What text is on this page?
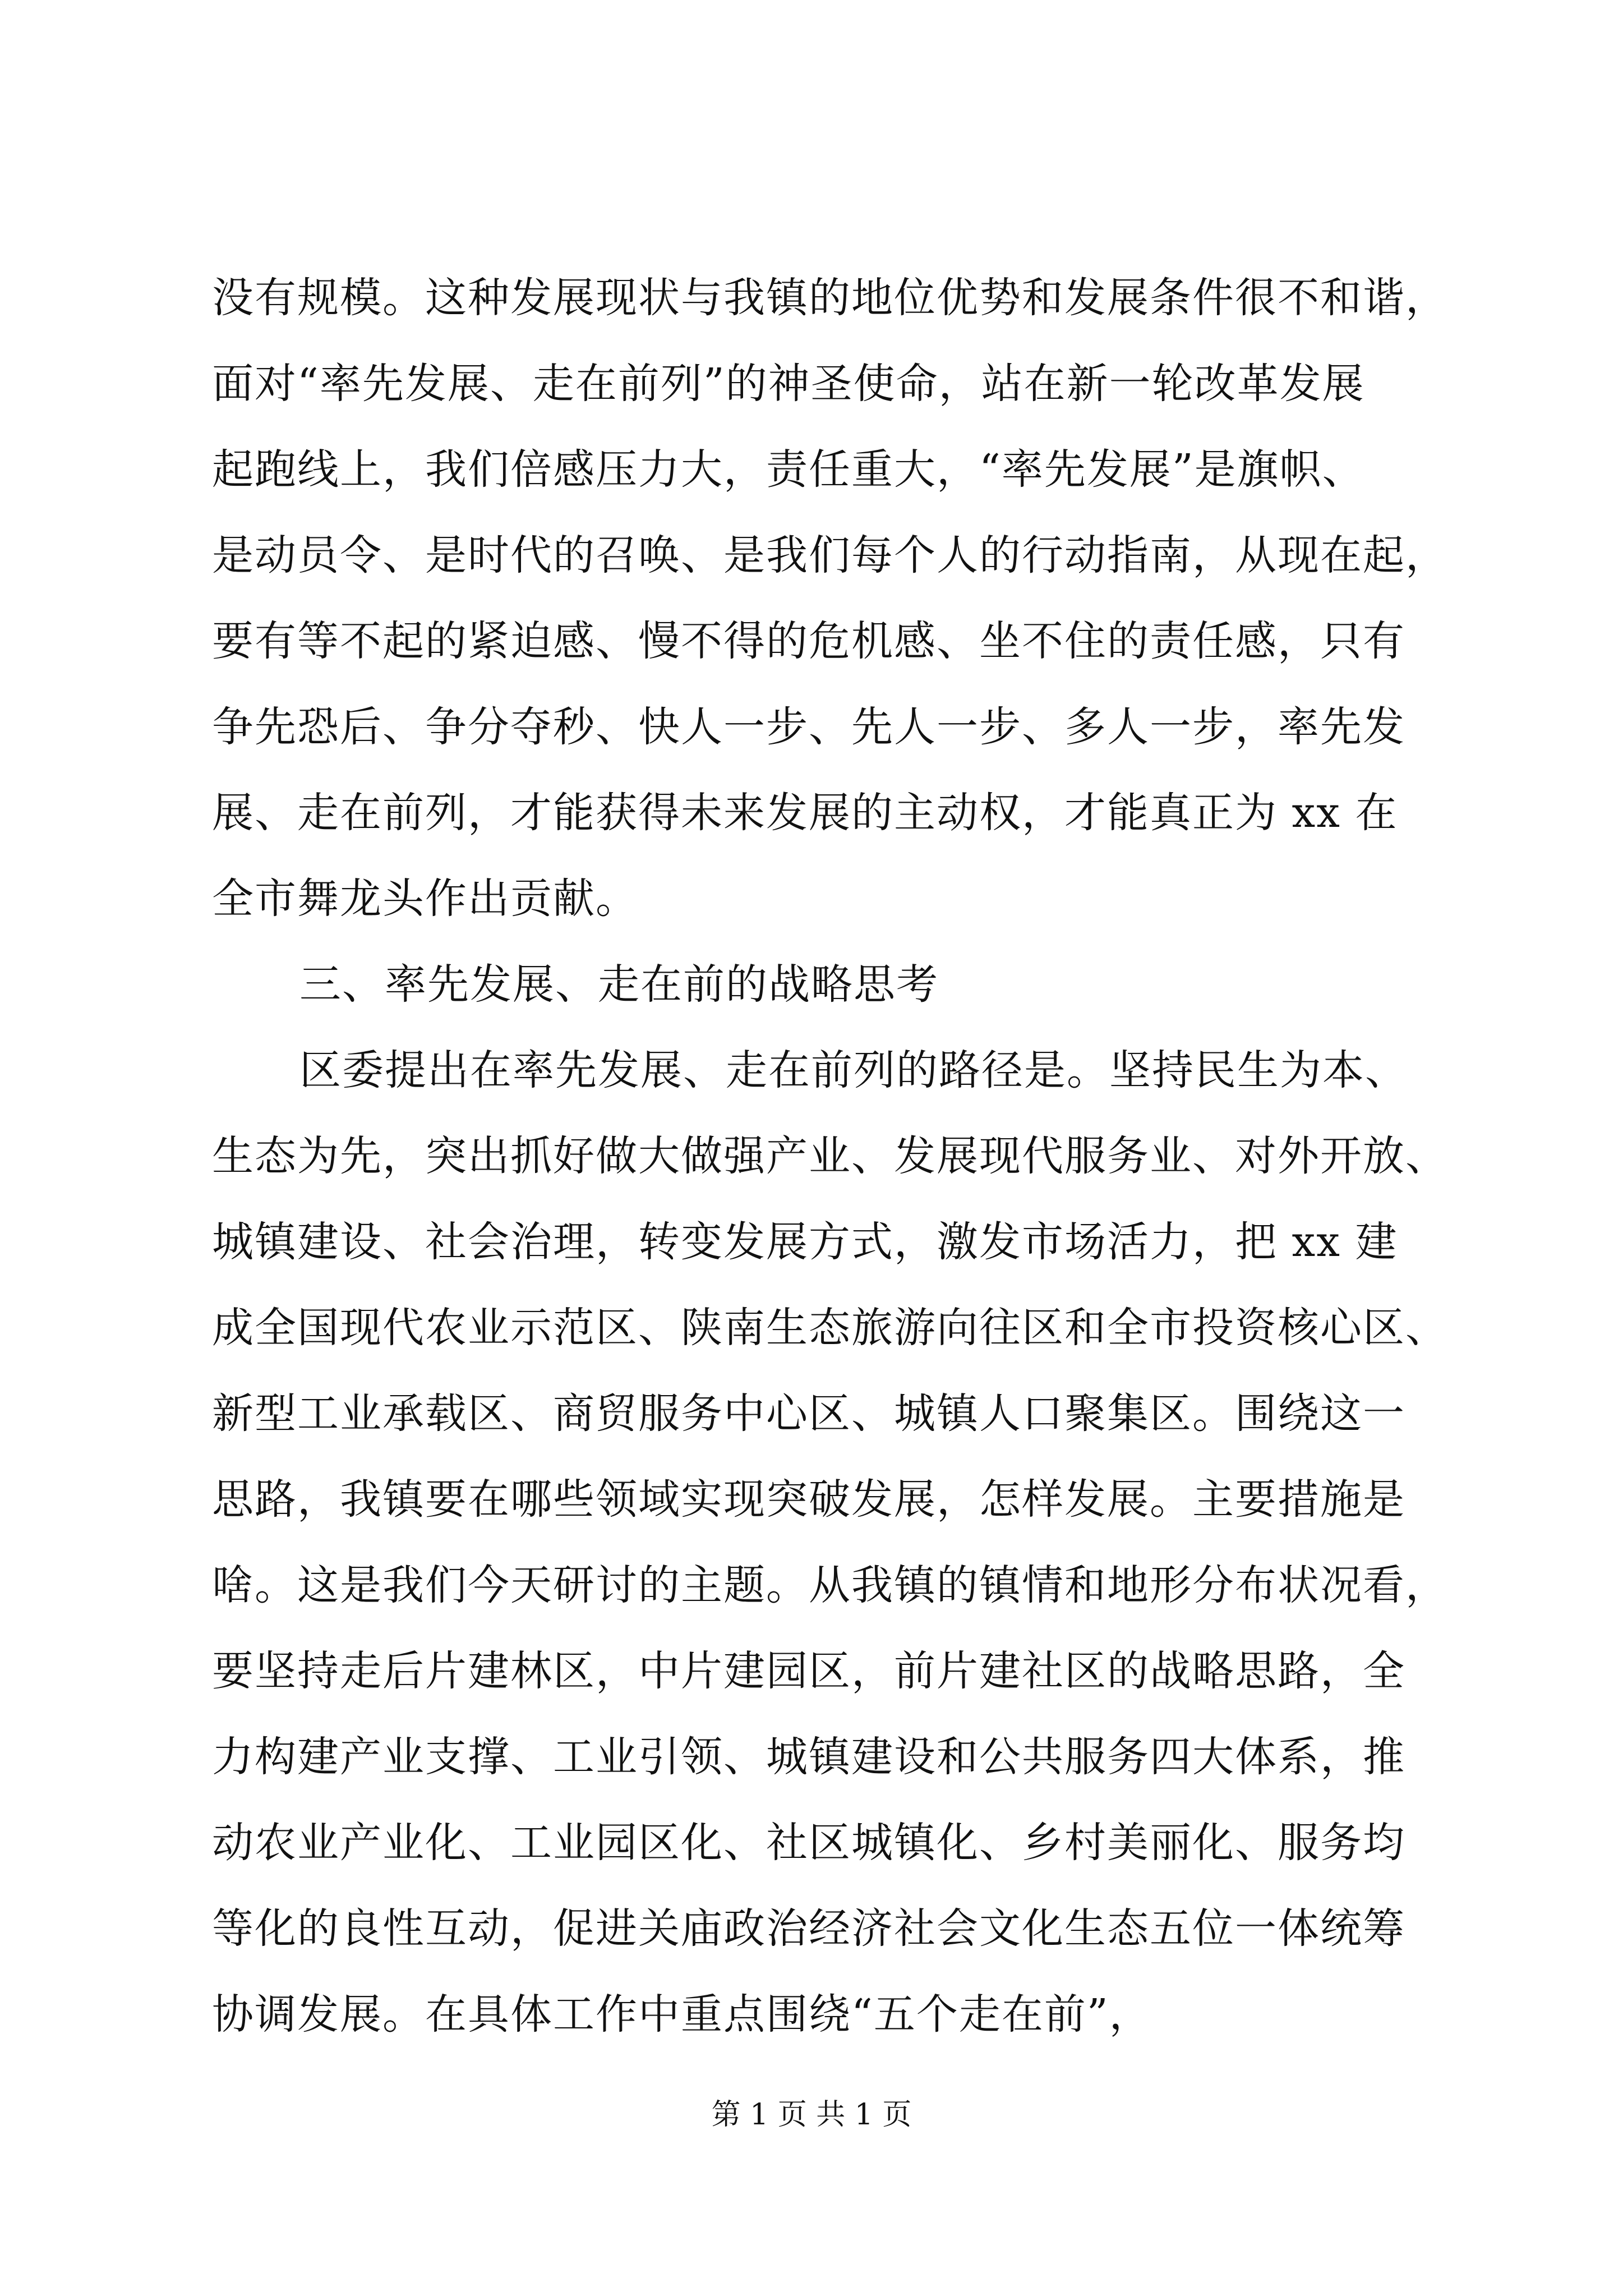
没有规模。这种发展现状与我镇的地位优势和发展条件很不和谐，
面对“率先发展、走在前列”的神圣使命，站在新一轮改革发展
起跑线上，我们倍感压力大，责任重大，“率先发展”是旗帜、
是动员令、是时代的召唤、是我们每个人的行动指南，从现在起，
要有等不起的紧迫感、慢不得的危机感、坐不住的责任感，只有
争先恐后、争分夺秒、快人一步、先人一步、多人一步，率先发
展、走在前列，才能获得未来发展的主动权，才能真正为 xx 在
全市舞龙头作出贡献。
三、率先发展、走在前的战略思考
区委提出在率先发展、走在前列的路径是。坚持民生为本、
生态为先，突出抓好做大做强产业、发展现代服务业、对外开放、
城镇建设、社会治理，转变发展方式，激发市场活力，把 xx 建
成全国现代农业示范区、陕南生态旅游向往区和全市投资核心区、
新型工业承载区、商贸服务中心区、城镇人口聚集区。围绕这一
思路，我镇要在哪些领域实现突破发展，怎样发展。主要措施是
啥。这是我们今天研讨的主题。从我镇的镇情和地形分布状况看，
要坚持走后片建林区，中片建园区，前片建社区的战略思路，全
力构建产业支撑、工业引领、城镇建设和公共服务四大体系，推
动农业产业化、工业园区化、社区城镇化、乡村美丽化、服务均
等化的良性互动，促进关庙政治经济社会文化生态五位一体统筹
协调发展。在具体工作中重点围绕“五个走在前”，
第 1 页 共 1 页
